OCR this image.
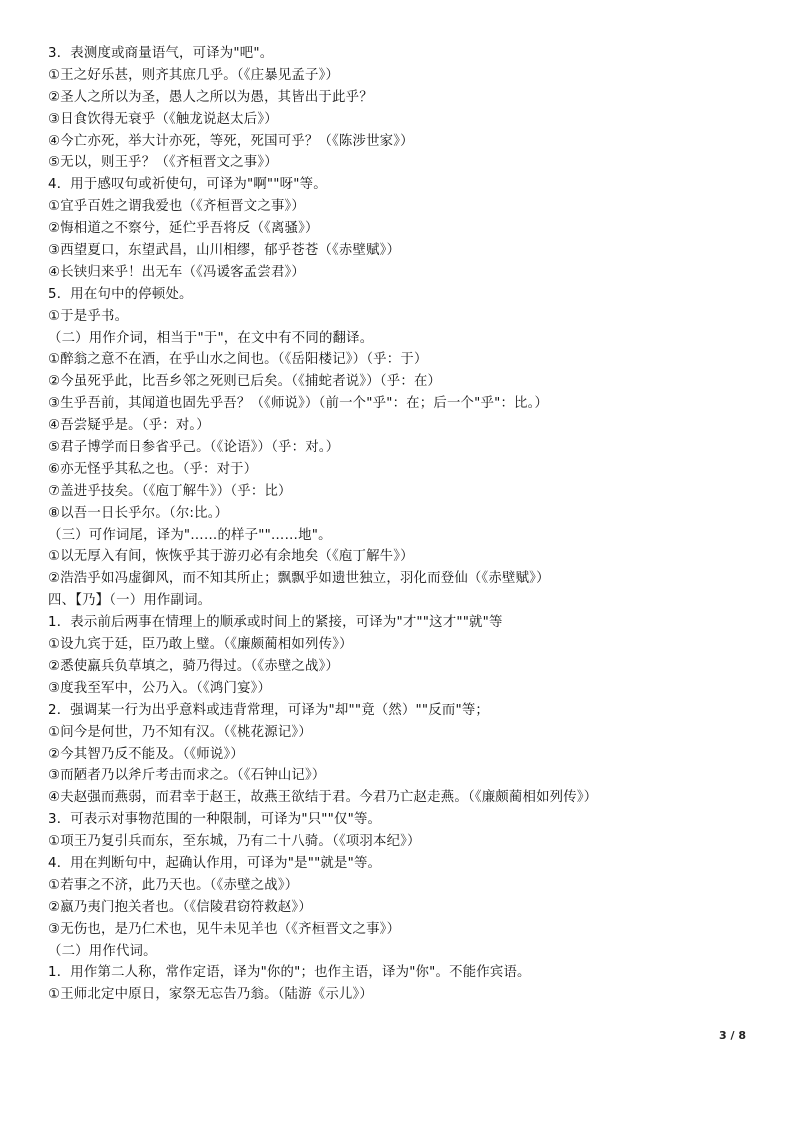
3．表测度或商量语气，可译为"吧"。
①王之好乐甚，则齐其庶几乎。（《庄暴见孟子》）
②圣人之所以为圣，愚人之所以为愚，其皆出于此乎？
③日食饮得无衰乎（《触龙说赵太后》）
④今亡亦死，举大计亦死，等死，死国可乎？（《陈涉世家》）
⑤无以，则王乎？（《齐桓晋文之事》）
4．用于感叹句或祈使句，可译为"啊""呀"等。
①宜乎百姓之谓我爱也（《齐桓晋文之事》）
②悔相道之不察兮，延伫乎吾将反（《离骚》）
③西望夏口，东望武昌，山川相缪，郁乎苍苍（《赤壁赋》）
④长铗归来乎！出无车（《冯谖客孟尝君》）
5．用在句中的停顿处。
①于是乎书。
（二）用作介词，相当于"于"，在文中有不同的翻译。
①醉翁之意不在酒，在乎山水之间也。（《岳阳楼记》）（乎：于）
②今虽死乎此，比吾乡邻之死则已后矣。（《捕蛇者说》）（乎：在）
③生乎吾前，其闻道也固先乎吾？（《师说》）（前一个"乎"：在；后一个"乎"：比。）
④吾尝疑乎是。（乎：对。）
⑤君子博学而日参省乎己。（《论语》）（乎：对。）
⑥亦无怪乎其私之也。（乎：对于）
⑦盖进乎技矣。（《庖丁解牛》）（乎：比）
⑧以吾一日长乎尔。（尔:比。）
（三）可作词尾，译为"……的样子""……地"。
①以无厚入有间，恢恢乎其于游刃必有余地矣（《庖丁解牛》）
②浩浩乎如冯虚御风，而不知其所止；飘飘乎如遗世独立，羽化而登仙（《赤壁赋》）
四、【乃】（一）用作副词。
1．表示前后两事在情理上的顺承或时间上的紧接，可译为"才""这才""就"等
①设九宾于廷，臣乃敢上璧。（《廉颇蔺相如列传》）
②悉使羸兵负草填之，骑乃得过。（《赤壁之战》）
③度我至军中，公乃入。（《鸿门宴》）
2．强调某一行为出乎意料或违背常理，可译为"却""竟（然）""反而"等；
①问今是何世，乃不知有汉。（《桃花源记》）
②今其智乃反不能及。（《师说》）
③而陋者乃以斧斤考击而求之。（《石钟山记》）
④夫赵强而燕弱，而君幸于赵王，故燕王欲结于君。今君乃亡赵走燕。（《廉颇蔺相如列传》）
3．可表示对事物范围的一种限制，可译为"只""仅"等。
①项王乃复引兵而东，至东城，乃有二十八骑。（《项羽本纪》）
4．用在判断句中，起确认作用，可译为"是""就是"等。
①若事之不济，此乃天也。（《赤壁之战》）
②嬴乃夷门抱关者也。（《信陵君窃符救赵》）
③无伤也，是乃仁术也，见牛未见羊也（《齐桓晋文之事》）
（二）用作代词。
1．用作第二人称，常作定语，译为"你的"；也作主语，译为"你"。不能作宾语。
①王师北定中原日，家祭无忘告乃翁。（陆游《示儿》）
3 / 8
